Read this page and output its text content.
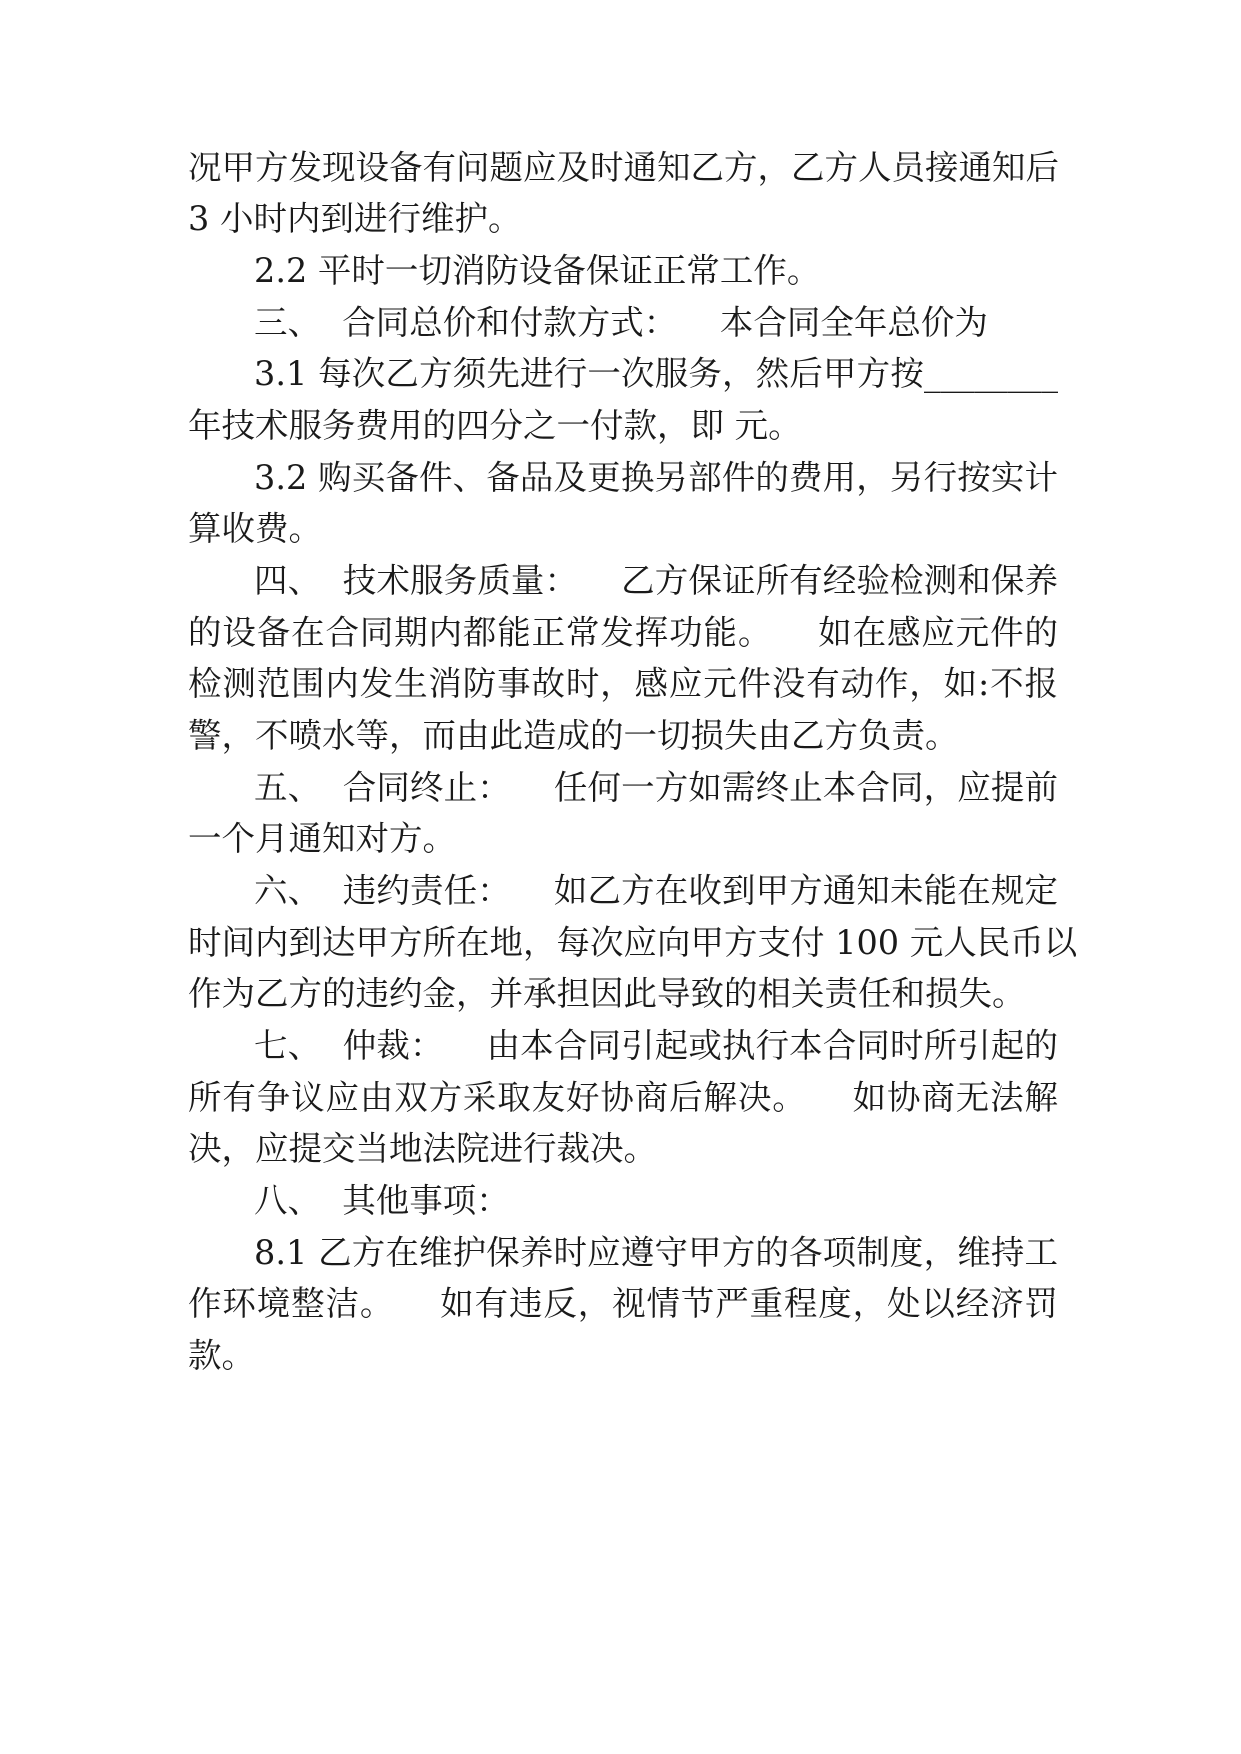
况甲方发现设备有问题应及时通知乙方，乙方人员接通知后
3 小时内到进行维护。
2.2 平时一切消防设备保证正常工作。
三、  合同总价和付款方式：    本合同全年总价为
3.1 每次乙方须先进行一次服务，然后甲方按________
年技术服务费用的四分之一付款，即 元。
3.2 购买备件、备品及更换另部件的费用，另行按实计
算收费。
四、  技术服务质量：    乙方保证所有经验检测和保养
的设备在合同期内都能正常发挥功能。    如在感应元件的
检测范围内发生消防事故时，感应元件没有动作，如:不报
警，不喷水等，而由此造成的一切损失由乙方负责。
五、  合同终止：    任何一方如需终止本合同，应提前
一个月通知对方。
六、  违约责任：    如乙方在收到甲方通知未能在规定
时间内到达甲方所在地，每次应向甲方支付 100 元人民币以
作为乙方的违约金，并承担因此导致的相关责任和损失。
七、  仲裁：    由本合同引起或执行本合同时所引起的
所有争议应由双方采取友好协商后解决。    如协商无法解
决，应提交当地法院进行裁决。
八、  其他事项：
8.1 乙方在维护保养时应遵守甲方的各项制度，维持工
作环境整洁。    如有违反，视情节严重程度，处以经济罚
款。
